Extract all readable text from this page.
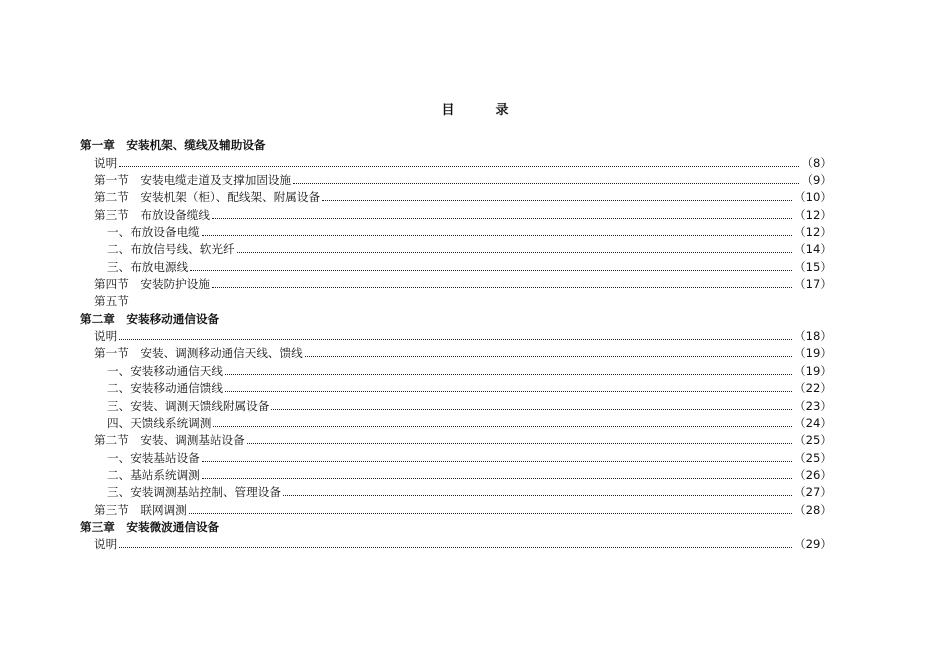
目　录
第一章　安装机架、缆线及辅助设备
说明	（8）
第一节　安装电缆走道及支撑加固设施	（9）
第二节　安装机架（柜）、配线架、附属设备	（10）
第三节　布放设备缆线	（12）
一、布放设备电缆	（12）
二、布放信号线、软光纤	（14）
三、布放电源线	（15）
第四节　安装防护设施	（17）
第五节
第二章　安装移动通信设备
说明	（18）
第一节　安装、调测移动通信天线、馈线	（19）
一、安装移动通信天线	（19）
二、安装移动通信馈线	（22）
三、安装、调测天馈线附属设备	（23）
四、天馈线系统调测	（24）
第二节　安装、调测基站设备	（25）
一、安装基站设备	（25）
二、基站系统调测	（26）
三、安装调测基站控制、管理设备	（27）
第三节　联网调测	（28）
第三章　安装微波通信设备
说明	（29）
